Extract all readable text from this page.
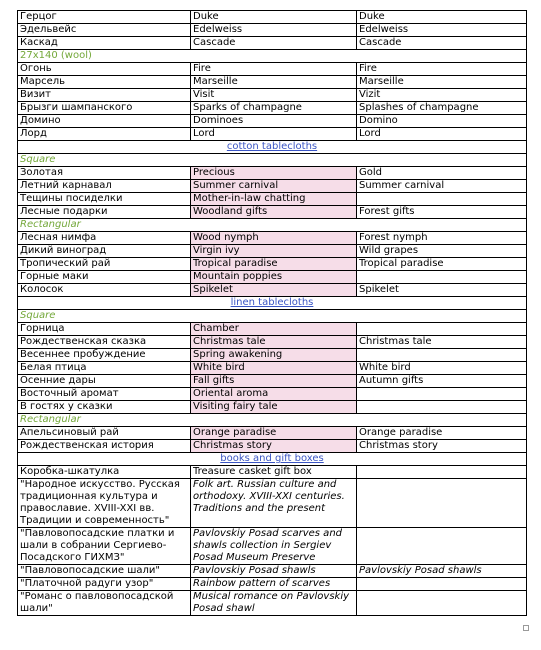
Герцог	Duke	Duke
Эдельвейс	Edelweiss	Edelweiss
Каскад	Cascade	Cascade
27x140 (wool)		
Огонь	Fire	Fire
Марсель	Marseille	Marseille
Визит	Visit	Vizit
Брызги шампанского	Sparks of champagne	Splashes of champagne
Домино	Dominoes	Domino
Лорд	Lord	Lord
cotton tablecloths		
Square		
Золотая	Precious	Gold
Летний карнавал	Summer carnival	Summer carnival
Тещины посиделки	Mother-in-law chatting	
Лесные подарки	Woodland gifts	Forest gifts
Rectangular		
Лесная нимфа	Wood nymph	Forest nymph
Дикий виноград	Virgin ivy	Wild grapes
Тропический рай	Tropical paradise	Tropical paradise
Горные маки	Mountain poppies	
Колосок	Spikelet	Spikelet
linen tablecloths		
Square		
Горница	Chamber	
Рождественская сказка	Christmas tale	Christmas tale
Весеннее пробуждение	Spring awakening	
Белая птица	White bird	White bird
Осенние дары	Fall gifts	Autumn gifts
Восточный аромат	Oriental aroma	
В гостях у сказки	Visiting fairy tale	
Rectangular		
Апельсиновый рай	Orange paradise	Orange paradise
Рождественская история	Christmas story	Christmas story
books and gift boxes		
Коробка-шкатулка	Treasure casket gift box	
"Народное искусство. Русская традиционная культура и православие. XVIII-XXI вв. Традиции и современность"	Folk art. Russian culture and orthodoxy. XVIII-XXI centuries. Traditions and the present	
"Павловопосадские платки и шали в собрании Сергиево-Посадского ГИХМЗ"	Pavlovskiy Posad scarves and shawls collection in Sergiev Posad Museum Preserve	
"Павловопосадские шали"	Pavlovskiy Posad shawls	Pavlovskiy Posad shawls
"Платочной радуги узор"	Rainbow pattern of scarves	
"Романс о павловопосадской шали"	Musical romance on Pavlovskiy Posad shawl	
